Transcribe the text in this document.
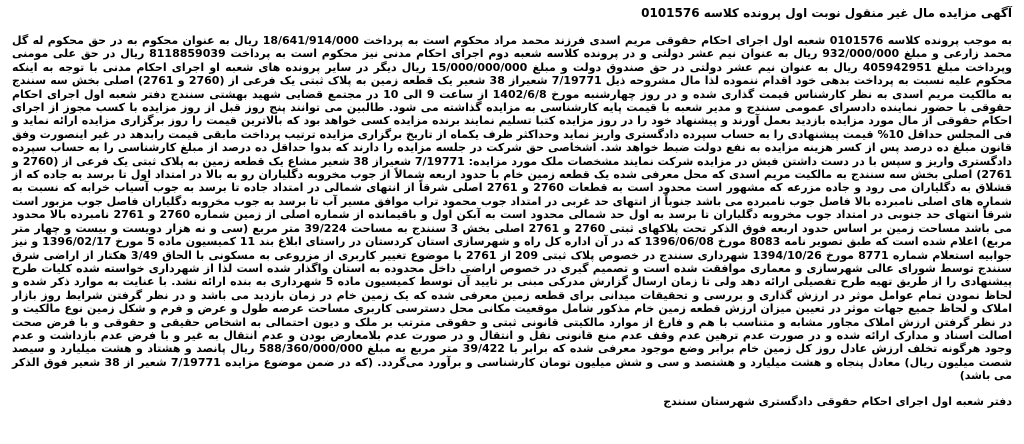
آگهی مزایده مال غیر منقول نوبت اول پرونده کلاسه 0101576

به موجب پرونده کلاسه 0101576 شعبه اول اجرای احکام حقوقی مریم اسدی فرزند محمد مراد محکوم است به پرداخت 18/641/914/000 ریال به عنوان محکوم به در حق محکوم له گل محمد زارعی و مبلغ 932/000/000 ریال به عنوان نیم عشر دولتی و در پرونده کلاسه شعبه دوم اجرای احکام مدنی نیز محکوم است به پرداخت 8118859039 ریال در حق علی مومنی وپرداخت مبلغ 405942951 ریال به عنوان نیم عشر دولتی در حق صندوق دولت و مبلغ 15/000/000/000 ریال دیگر در سایر پرونده های شعبه او اجرای احکام مدنی با توجه به اینکه محکوم علیه نسبت به پرداخت بدهی خود اقدام ننموده لذا مال مشروحه ذیل 7/19771 شعیراز 38 شعیر یک قطعه زمین به پلاک ثبتی یک فرعی از (2760 و 2761) اصلی بخش سه سنندج به مالکیت مریم اسدی به نظر کارشناس قیمت گذاری شده و در روز چهارشنبه مورخ 1402/6/8 از ساعت 9 الی 10 در مجتمع قضایی شهید بهشتی سنندج دفتر شعبه اول اجرای احکام حقوقی با حضور نماینده دادسرای عمومی سنندج و مدیر شعبه با قیمت پایه کارشناسی به مزایده گذاشته می شود. طالبین می توانند پنج روز قبل از روز مزایده با کسب مجوز از اجرای احکام حقوقی از مال مورد مزایده بازدید بعمل آورند و پیشنهاد خود را در روز مزایده کتبا تسلیم نمایند برنده مزایده کسی خواهد بود که بالاترین قیمت را روز برگزاری مزایده ارائه نماید و فی المجلس حداقل 10% قیمت پیشنهادی را به حساب سپرده دادگستری واریز نماید وحداکثر ظرف یکماه از تاریخ برگزاری مزایده ترتیب پرداخت مابقی قیمت رابدهد در غیر اینصورت وفق قانون مبلغ ده درصد پس از کسر هزینه مزایده به نفع دولت ضبط خواهد شد. اشخاصی حق شرکت در جلسه مزایده را دارند که بدوا حداقل ده درصد از مبلغ کارشناسی را به حساب سپرده دادگستری واریز و سپس با در دست داشتن فیش در مزایده شرکت نمایند مشخصات ملک مورد مزایده: 7/19771 شعیراز 38 شعیر مشاع یک قطعه زمین به پلاک ثبتی یک فرعی از (2760 و 2761) اصلی بخش سه سنندج به مالکیت مریم اسدی که محل معرفی شده یک قطعه زمین خام با حدود اربعه شمالاً از جوب مخروبه دگلیاران رو به بالا در امتداد اول تا برسد به جاده که از قشلاق به دگلیاران می رود و جاده مزرعه که مشهور است محدود است به قطعات 2760 و 2761 اصلی شرقاً از انتهای شمالی در امتداد جاده تا برسد به جوب آسیاب خرابه که نسبت به شماره های اصلی نامبرده بالا فاصل جوب نامبرده می باشد جنوباً از انتهای حد غربی در امتداد جوب محمود تراب موافق مسیر آب تا برسد به جوب مخروبه دگلیاران فاصل جوب مزبور است شرقاً انتهای حد جنوبی در امتداد جوب مخروبه دگلیاران تا برسد به اول حد شمالی محدود است به آبکن اول و باقیمانده از شماره اصلی از زمین شماره 2760 و 2761 نامبرده بالا محدود می باشد مساحت زمین بر اساس حدود اربعه فوق الذکر تحت پلاکهای ثبتی 2760 و 2761 اصلی بخش 3 سنندج به مساحت 39/224 متر مربع (سی و نه هزار دویست و بیست و چهار متر مربع) اعلام شده است که طبق تصویر نامه 8083 مورخ 1396/06/08 که در آن اداره کل راه و شهرسازی استان کردستان در راستای ابلاغ بند 11 کمیسیون ماده 5 مورخ 1396/02/17 و نیز جوابیه استعلام شماره 8771 مورخ 1394/10/26 شهرداری سنندج در خصوص پلاک ثبتی 209 از 2761 با موضوع تغییر کاربری از مزروعی به مسکونی با الحاق 3/49 هکتار از اراضی شرق سنندج توسط شورای عالی شهرسازی و معماری موافقت شده است و تصمیم گیری در خصوص اراضی داخل محدوده به استان واگذار شده است لذا از شهرداری خواسته شده کلیات طرح پیشنهادی را از طریق تهیه طرح تفصیلی ارائه دهد ولی تا زمان ارسال گزارش مدرکی مبنی بر تایید آن توسط کمیسیون ماده 5 شهرداری به بنده ارائه نشد. با عنایت به موارد ذکر شده و لحاظ نمودن تمام عوامل موثر در ارزش گذاری و بررسی و تحقیقات میدانی برای قطعه زمین معرفی شده که یک زمین خام در زمان بازدید می باشد و در نظر گرفتن شرایط روز بازار املاک و لحاظ جمیع جهات موثر در تعیین میزان ارزش قطعه زمین خام مذکور شامل موقعیت مکانی محل دسترسی کاربری مساحت عرصه طول و عرض و فرم و شکل زمین نوع مالکیت و در نظر گرفتن ارزش املاک مجاور مشابه و متناسب با هم و فارغ از موارد مالکیتی قانونی ثبتی و حقوقی مترتب بر ملک و دیون احتمالی به اشخاص حقیقی و حقوقی و با فرض صحت اصالت اسناد و مدارک ارائه شده و در صورت عدم ترهین عدم وقف عدم منع قانونی نقل و انتقال و در صورت عدم بلامعارض بودن و عدم انتقال به غیر و با فرض عدم بازداشت و عدم وجود هرگونه تخلف ارزش عادل روز کل زمین خام برابر وضع موجود معرفی شده که برابر با 39/422 متر مربع به مبلغ 588/360/000/000 ریال پانصد و هشتاد و هشت میلیارد و سیصد شصت میلیون ریال) معادل پنجاه و هشت میلیارد و هشتصد و سی و شش میلیون تومان کارشناسی و برآورد می‌گردد. (که در ضمن موضوع مزایده 7/19771 شعیر از 38 شعیر فوق الذکر می باشد)

دفتر شعبه اول اجرای احکام حقوقی دادگستری شهرستان سنندج
